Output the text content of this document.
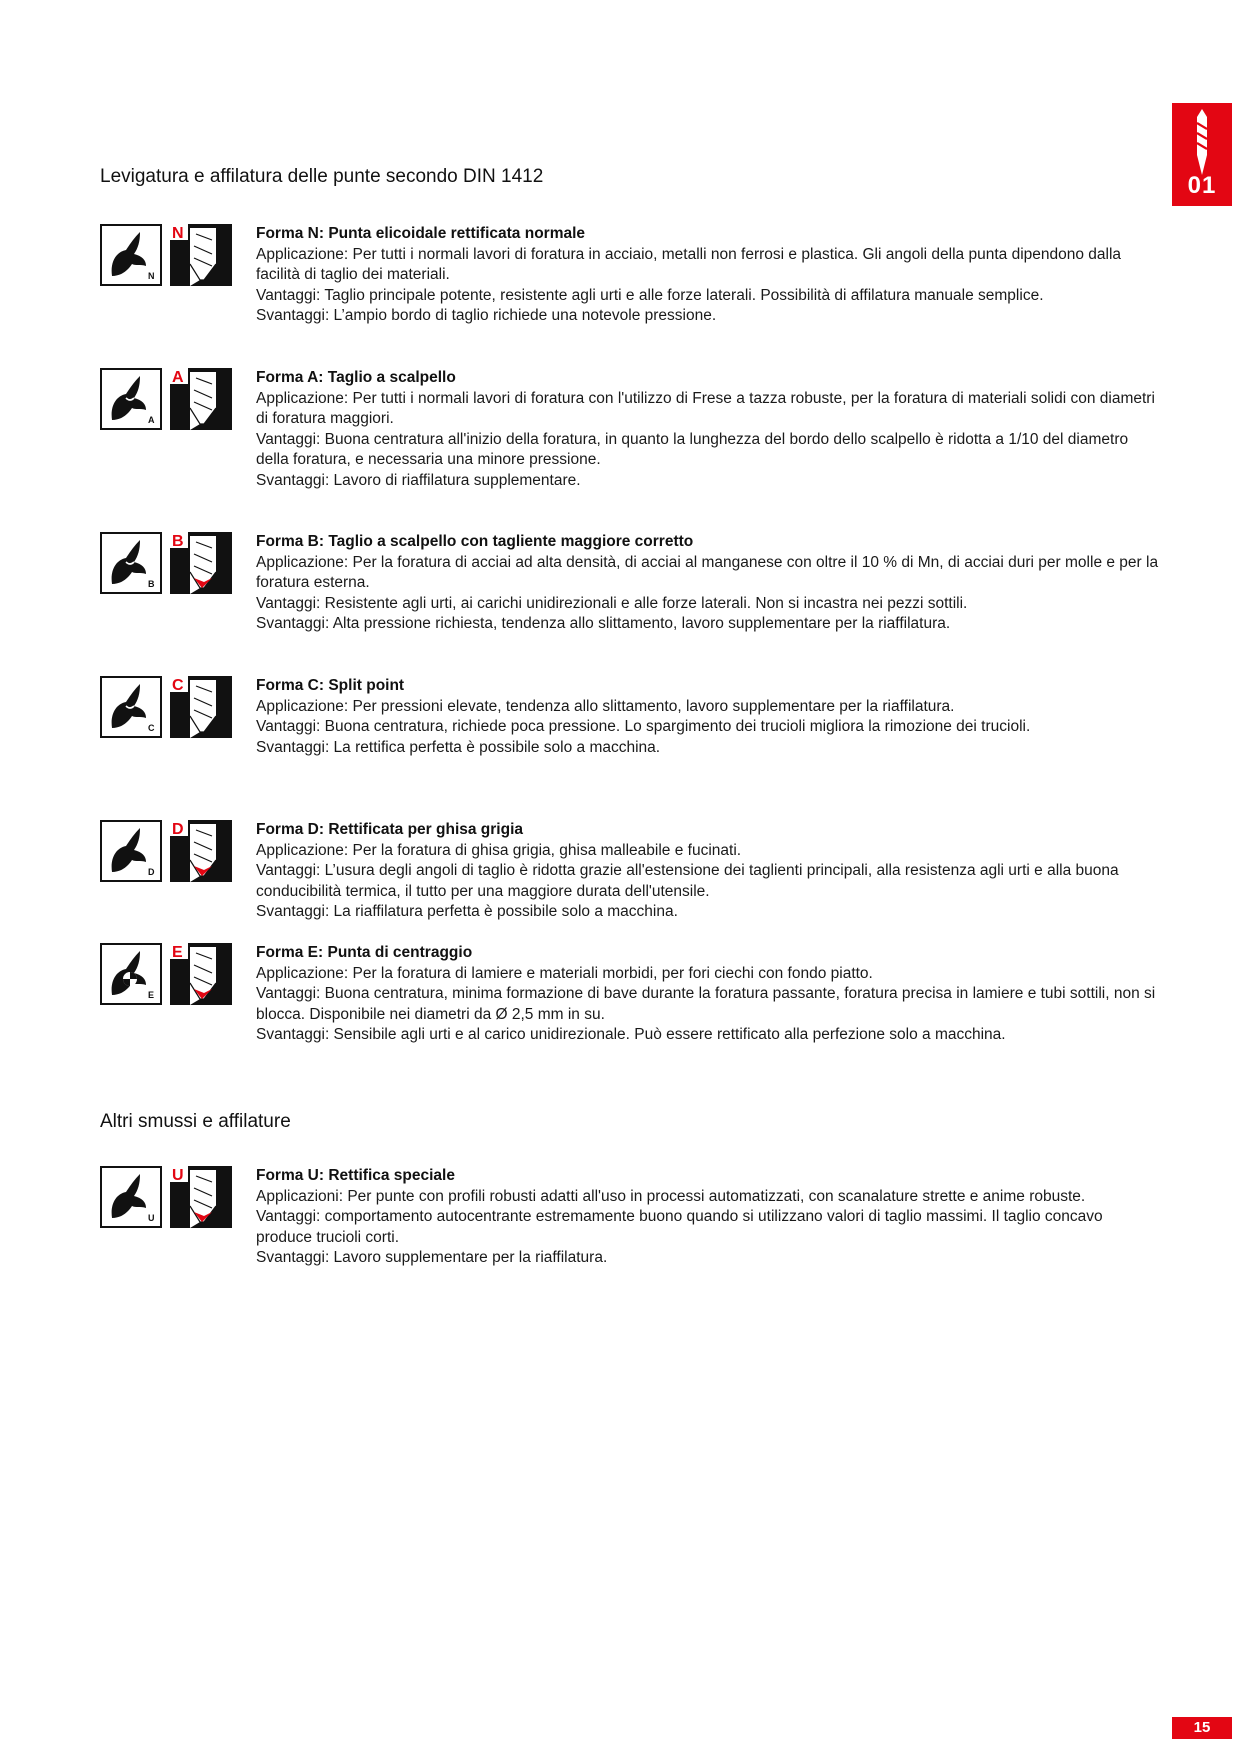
01
Levigatura e affilatura delle punte secondo DIN 1412
Altri smussi e affilature
N
N	Forma N: Punta elicoidale rettificata normale

Applicazione: Per tutti i normali lavori di foratura in acciaio, metalli non ferrosi e plastica. Gli angoli della punta dipendono dalla facilità di taglio dei materiali.

Vantaggi: Taglio principale potente, resistente agli urti e alle forze laterali. Possibilità di affilatura manuale semplice.

Svantaggi: L’ampio bordo di taglio richiede una notevole pressione.

A
A	Forma A: Taglio a scalpello

Applicazione: Per tutti i normali lavori di foratura con l'utilizzo di Frese a tazza robuste, per la foratura di materiali solidi con diametri di foratura maggiori.

Vantaggi: Buona centratura all'inizio della foratura, in quanto la lunghezza del bordo dello scalpello è ridotta a 1/10 del diametro della foratura, e necessaria una minore pressione.

Svantaggi: Lavoro di riaffilatura supplementare.

B
B	Forma B: Taglio a scalpello con tagliente maggiore corretto

Applicazione: Per la foratura di acciai ad alta densità, di acciai al manganese con oltre il 10 % di Mn, di acciai duri per molle e per la foratura esterna.

Vantaggi: Resistente agli urti, ai carichi unidirezionali e alle forze laterali. Non si incastra nei pezzi sottili.

Svantaggi: Alta pressione richiesta, tendenza allo slittamento, lavoro supplementare per la riaffilatura.

C
C	Forma C: Split point

Applicazione: Per pressioni elevate, tendenza allo slittamento, lavoro supplementare per la riaffilatura.

Vantaggi: Buona centratura, richiede poca pressione. Lo spargimento dei trucioli migliora la rimozione dei trucioli.

Svantaggi: La rettifica perfetta è possibile solo a macchina.

D
D	Forma D: Rettificata per ghisa grigia

Applicazione: Per la foratura di ghisa grigia, ghisa malleabile e fucinati.

Vantaggi: L’usura degli angoli di taglio è ridotta grazie all'estensione dei taglienti principali, alla resistenza agli urti e alla buona conducibilità termica, il tutto per una maggiore durata dell'utensile.

Svantaggi: La riaffilatura perfetta è possibile solo a macchina.

E
E	Forma E: Punta di centraggio

Applicazione: Per la foratura di lamiere e materiali morbidi, per fori ciechi con fondo piatto.

Vantaggi: Buona centratura, minima formazione di bave durante la foratura passante, foratura precisa in lamiere e tubi sottili, non si blocca. Disponibile nei diametri da Ø 2,5 mm in su.

Svantaggi: Sensibile agli urti e al carico unidirezionale. Può essere rettificato alla perfezione solo a macchina.

U
U	Forma U: Rettifica speciale

Applicazioni: Per punte con profili robusti adatti all'uso in processi automatizzati, con scanalature strette e anime robuste.

Vantaggi: comportamento autocentrante estremamente buono quando si utilizzano valori di taglio massimi. Il taglio concavo produce trucioli corti.

Svantaggi: Lavoro supplementare per la riaffilatura.

15
